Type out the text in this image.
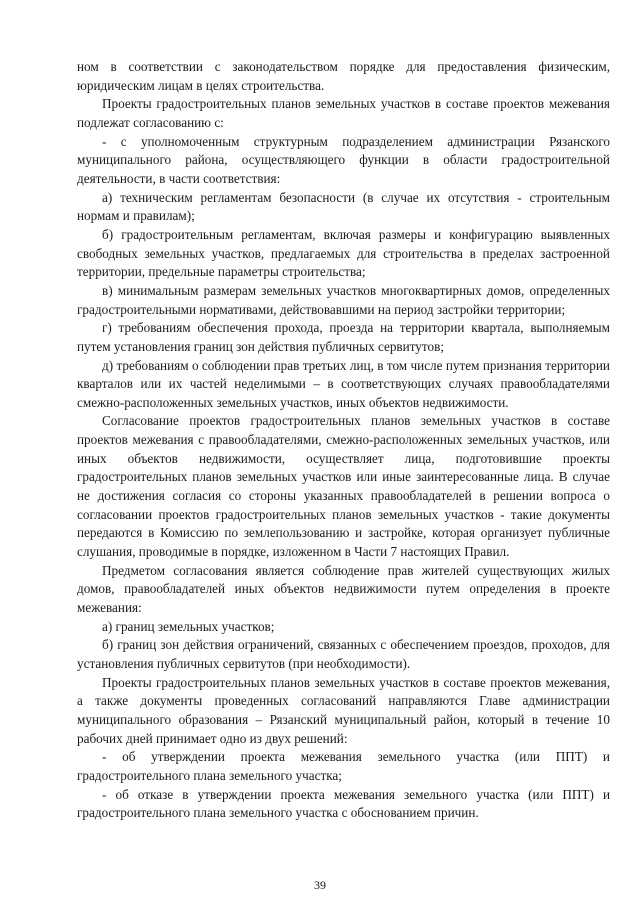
ном в соответствии с законодательством порядке для предоставления физическим, юридическим лицам в целях строительства.

Проекты градостроительных планов земельных участков в составе проектов межевания подлежат согласованию с:

- с уполномоченным структурным подразделением администрации Рязанского муниципального района, осуществляющего функции в области градостроительной деятельности, в части соответствия:

а) техническим регламентам безопасности (в случае их отсутствия - строительным нормам и правилам);

б) градостроительным регламентам, включая размеры и конфигурацию выявленных свободных земельных участков, предлагаемых для строительства в пределах застроенной территории, предельные параметры строительства;

в) минимальным размерам земельных участков многоквартирных домов, определенных градостроительными нормативами, действовавшими на период застройки территории;

г) требованиям обеспечения прохода, проезда на территории квартала, выполняемым путем установления границ зон действия публичных сервитутов;

д) требованиям о соблюдении прав третьих лиц, в том числе путем признания территории кварталов или их частей неделимыми – в соответствующих случаях правообладателями смежно-расположенных земельных участков, иных объектов недвижимости.

Согласование проектов градостроительных планов земельных участков в составе проектов межевания с правообладателями, смежно-расположенных земельных участков, или иных объектов недвижимости, осуществляет лица, подготовившие проекты градостроительных планов земельных участков или иные заинтересованные лица. В случае не достижения согласия со стороны указанных правообладателей в решении вопроса о согласовании проектов градостроительных планов земельных участков - такие документы передаются в Комиссию по землепользованию и застройке, которая организует публичные слушания, проводимые в порядке, изложенном в Части 7 настоящих Правил.

Предметом согласования является соблюдение прав жителей существующих жилых домов, правообладателей иных объектов недвижимости путем определения в проекте межевания:

а) границ земельных участков;

б) границ зон действия ограничений, связанных с обеспечением проездов, проходов, для установления публичных сервитутов (при необходимости).

Проекты градостроительных планов земельных участков в составе проектов межевания, а также документы проведенных согласований направляются Главе администрации муниципального образования – Рязанский муниципальный район, который в течение 10 рабочих дней принимает одно из двух решений:

- об утверждении проекта межевания земельного участка (или ППТ) и градостроительного плана земельного участка;

- об отказе в утверждении проекта межевания земельного участка (или ППТ) и градостроительного плана земельного участка с обоснованием причин.

39
